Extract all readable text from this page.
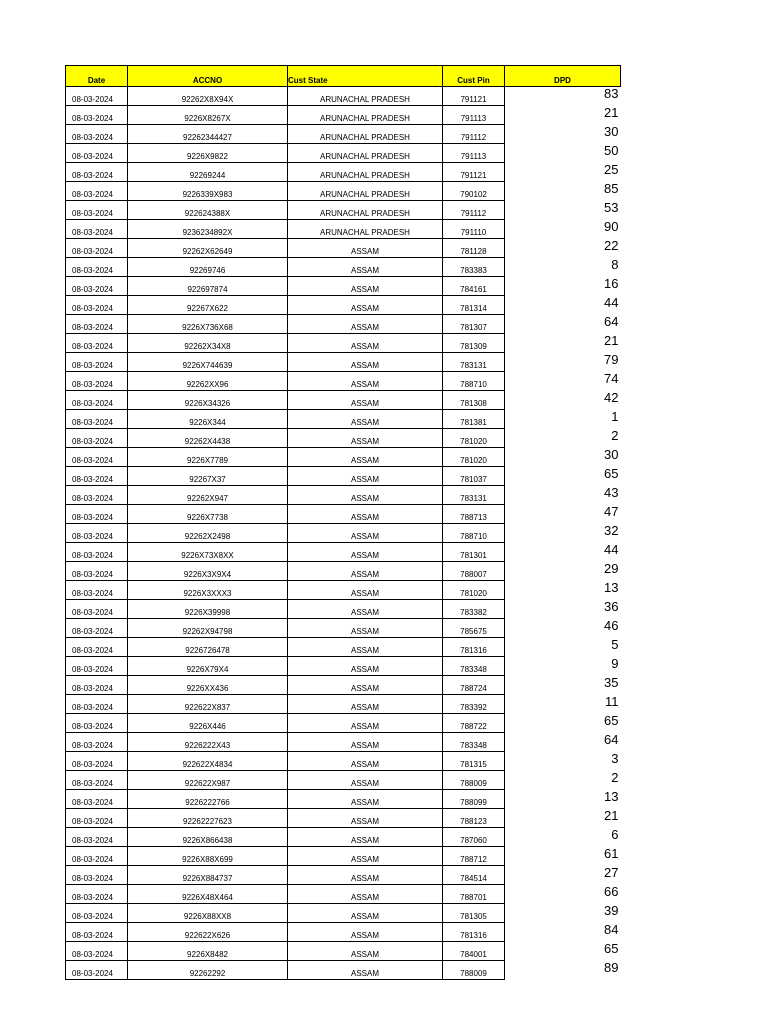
Date	ACCNO	Cust State	Cust Pin	DPD
08-03-2024	92262X8X94X	ARUNACHAL PRADESH	791121	83
08-03-2024	9226X8267X	ARUNACHAL PRADESH	791113	21
08-03-2024	92262344427	ARUNACHAL PRADESH	791112	30
08-03-2024	9226X9822	ARUNACHAL PRADESH	791113	50
08-03-2024	92269244	ARUNACHAL PRADESH	791121	25
08-03-2024	9226339X983	ARUNACHAL PRADESH	790102	85
08-03-2024	922624388X	ARUNACHAL PRADESH	791112	53
08-03-2024	9236234892X	ARUNACHAL PRADESH	791110	90
08-03-2024	92262X62649	ASSAM	781128	22
08-03-2024	92269746	ASSAM	783383	8
08-03-2024	922697874	ASSAM	784161	16
08-03-2024	92267X622	ASSAM	781314	44
08-03-2024	9226X736X68	ASSAM	781307	64
08-03-2024	92262X34X8	ASSAM	781309	21
08-03-2024	9226X744639	ASSAM	783131	79
08-03-2024	92262XX96	ASSAM	788710	74
08-03-2024	9226X34326	ASSAM	781308	42
08-03-2024	9226X344	ASSAM	781381	1
08-03-2024	92262X4438	ASSAM	781020	2
08-03-2024	9226X7789	ASSAM	781020	30
08-03-2024	92267X37	ASSAM	781037	65
08-03-2024	92262X947	ASSAM	783131	43
08-03-2024	9226X7738	ASSAM	788713	47
08-03-2024	92262X2498	ASSAM	788710	32
08-03-2024	9226X73X8XX	ASSAM	781301	44
08-03-2024	9226X3X9X4	ASSAM	788007	29
08-03-2024	9226X3XXX3	ASSAM	781020	13
08-03-2024	9226X39998	ASSAM	783382	36
08-03-2024	92262X94798	ASSAM	785675	46
08-03-2024	9226726478	ASSAM	781316	5
08-03-2024	9226X79X4	ASSAM	783348	9
08-03-2024	9226XX436	ASSAM	788724	35
08-03-2024	922622X837	ASSAM	783392	11
08-03-2024	9226X446	ASSAM	788722	65
08-03-2024	9226222X43	ASSAM	783348	64
08-03-2024	922622X4834	ASSAM	781315	3
08-03-2024	922622X987	ASSAM	788009	2
08-03-2024	9226222766	ASSAM	788099	13
08-03-2024	92262227623	ASSAM	788123	21
08-03-2024	9226X866438	ASSAM	787060	6
08-03-2024	9226X88X699	ASSAM	788712	61
08-03-2024	9226X884737	ASSAM	784514	27
08-03-2024	9226X48X464	ASSAM	788701	66
08-03-2024	9226X88XX8	ASSAM	781305	39
08-03-2024	922622X626	ASSAM	781316	84
08-03-2024	9226X8482	ASSAM	784001	65
08-03-2024	92262292	ASSAM	788009	89
